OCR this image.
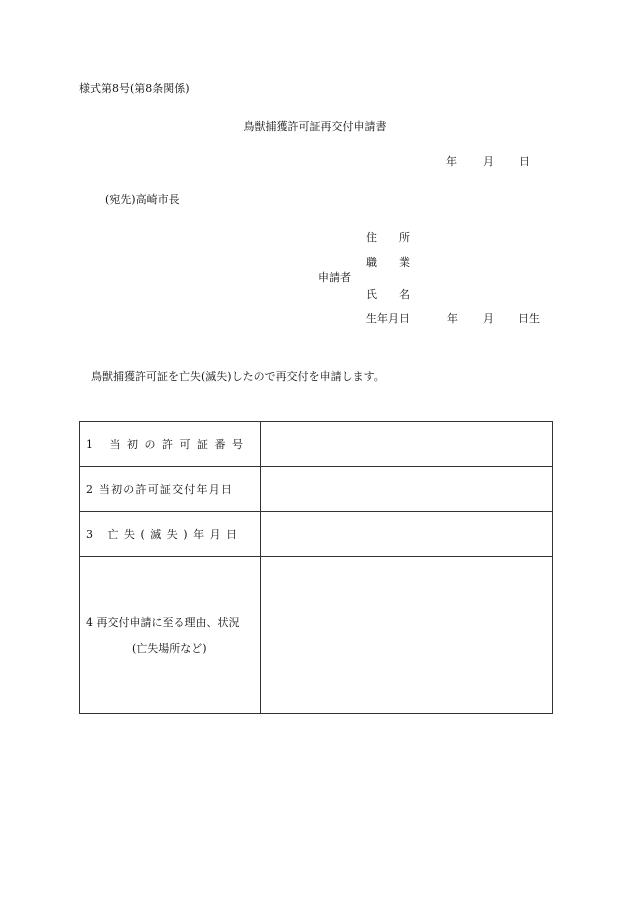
様式第8号(第8条関係)
鳥獣捕獲許可証再交付申請書
年	月	日
(宛先)高崎市長
住　　所
職　　業
申請者
氏　　名
生年月日	年 月 日生
鳥獣捕獲許可証を亡失(滅失)したので再交付を申請します。
1 当初の許可証番号	
2 当初の許可証交付年月日	
3 亡失(滅失)年月日	

4 再交付申請に至る理由、状況
(亡失場所など)	
